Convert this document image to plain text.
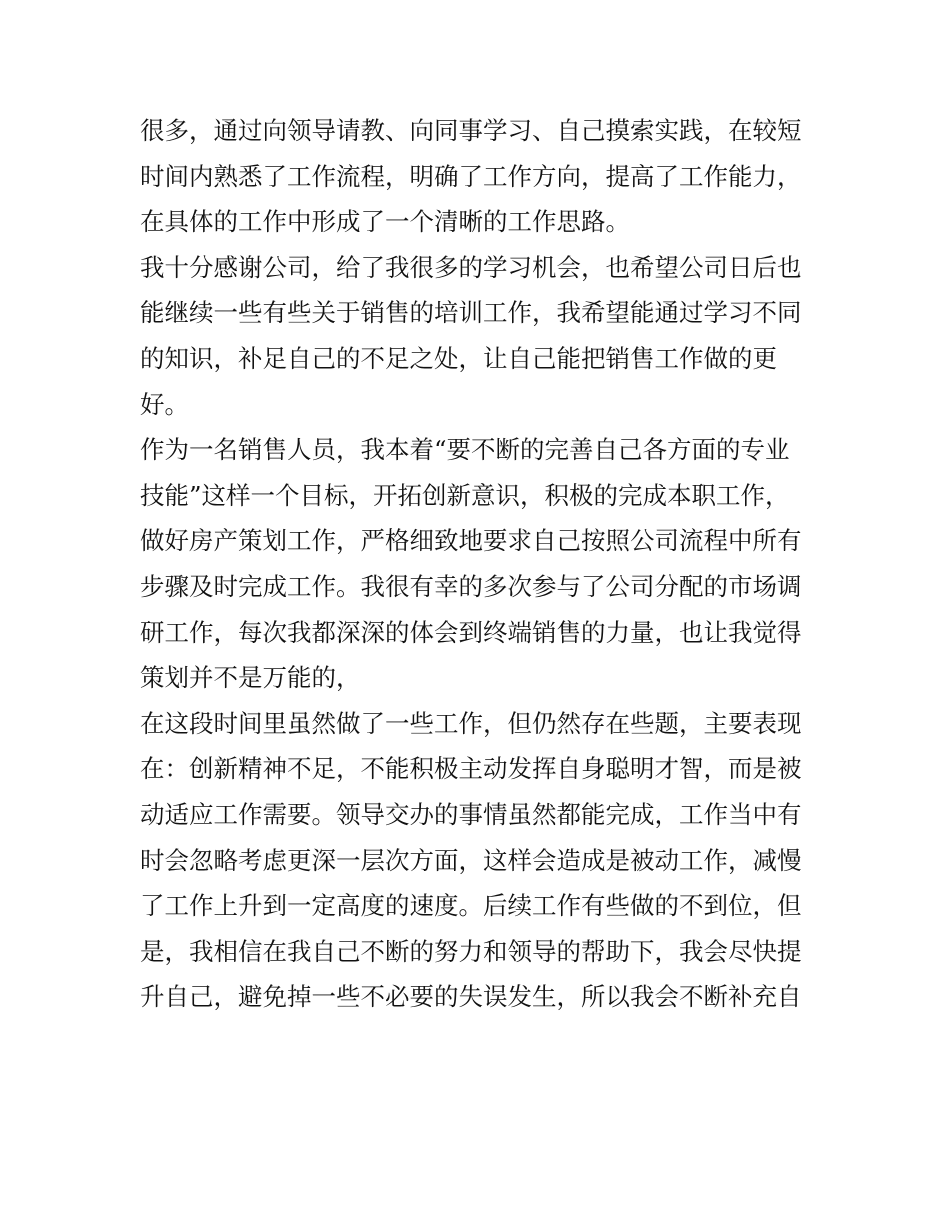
很多，通过向领导请教、向同事学习、自己摸索实践，在较短
时间内熟悉了工作流程，明确了工作方向，提高了工作能力，
在具体的工作中形成了一个清晰的工作思路。
我十分感谢公司，给了我很多的学习机会，也希望公司日后也
能继续一些有些关于销售的培训工作，我希望能通过学习不同
的知识，补足自己的不足之处，让自己能把销售工作做的更
好。
作为一名销售人员，我本着“要不断的完善自己各方面的专业
技能”这样一个目标，开拓创新意识，积极的完成本职工作，
做好房产策划工作，严格细致地要求自己按照公司流程中所有
步骤及时完成工作。我很有幸的多次参与了公司分配的市场调
研工作，每次我都深深的体会到终端销售的力量，也让我觉得
策划并不是万能的，
在这段时间里虽然做了一些工作，但仍然存在些题，主要表现
在：创新精神不足，不能积极主动发挥自身聪明才智，而是被
动适应工作需要。领导交办的事情虽然都能完成，工作当中有
时会忽略考虑更深一层次方面，这样会造成是被动工作，减慢
了工作上升到一定高度的速度。后续工作有些做的不到位，但
是，我相信在我自己不断的努力和领导的帮助下，我会尽快提
升自己，避免掉一些不必要的失误发生，所以我会不断补充自
